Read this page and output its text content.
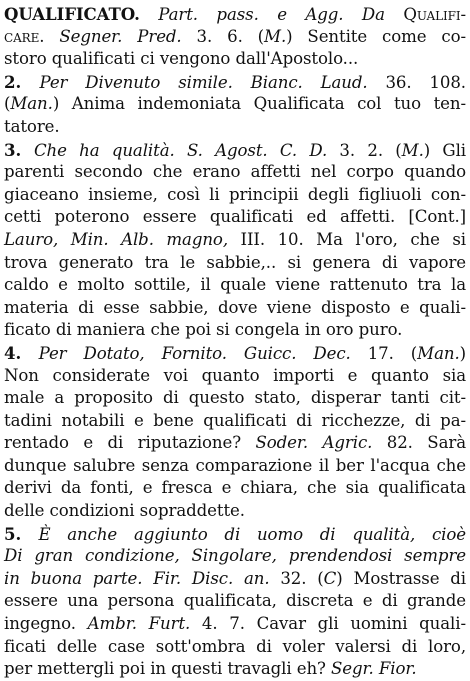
QUALIFICATO. Part. pass. e Agg. Da Qualifi-
care. Segner. Pred. 3. 6. (M.) Sentite come co-
storo qualificati ci vengono dall'Apostolo...
2. Per Divenuto simile. Bianc. Laud. 36. 108.
(Man.) Anima indemoniata Qualificata col tuo ten-
tatore.
3. Che ha qualità. S. Agost. C. D. 3. 2. (M.) Gli
parenti secondo che erano affetti nel corpo quando
giaceano insieme, così li principii degli figliuoli con-
cetti poterono essere qualificati ed affetti. [Cont.]
Lauro, Min. Alb. magno, III. 10. Ma l'oro, che si
trova generato tra le sabbie,.. si genera di vapore
caldo e molto sottile, il quale viene rattenuto tra la
materia di esse sabbie, dove viene disposto e quali-
ficato di maniera che poi si congela in oro puro.
4. Per Dotato, Fornito. Guicc. Dec. 17. (Man.)
Non considerate voi quanto importi e quanto sia
male a proposito di questo stato, disperar tanti cit-
tadini notabili e bene qualificati di ricchezze, di pa-
rentado e di riputazione? Soder. Agric. 82. Sarà
dunque salubre senza comparazione il ber l'acqua che
derivi da fonti, e fresca e chiara, che sia qualificata
delle condizioni sopraddette.
5. È anche aggiunto di uomo di qualità, cioè
Di gran condizione, Singolare, prendendosi sempre
in buona parte. Fir. Disc. an. 32. (C) Mostrasse di
essere una persona qualificata, discreta e di grande
ingegno. Ambr. Furt. 4. 7. Cavar gli uomini quali-
ficati delle case sott'ombra di voler valersi di loro,
per mettergli poi in questi travagli eh? Segr. Fior.
